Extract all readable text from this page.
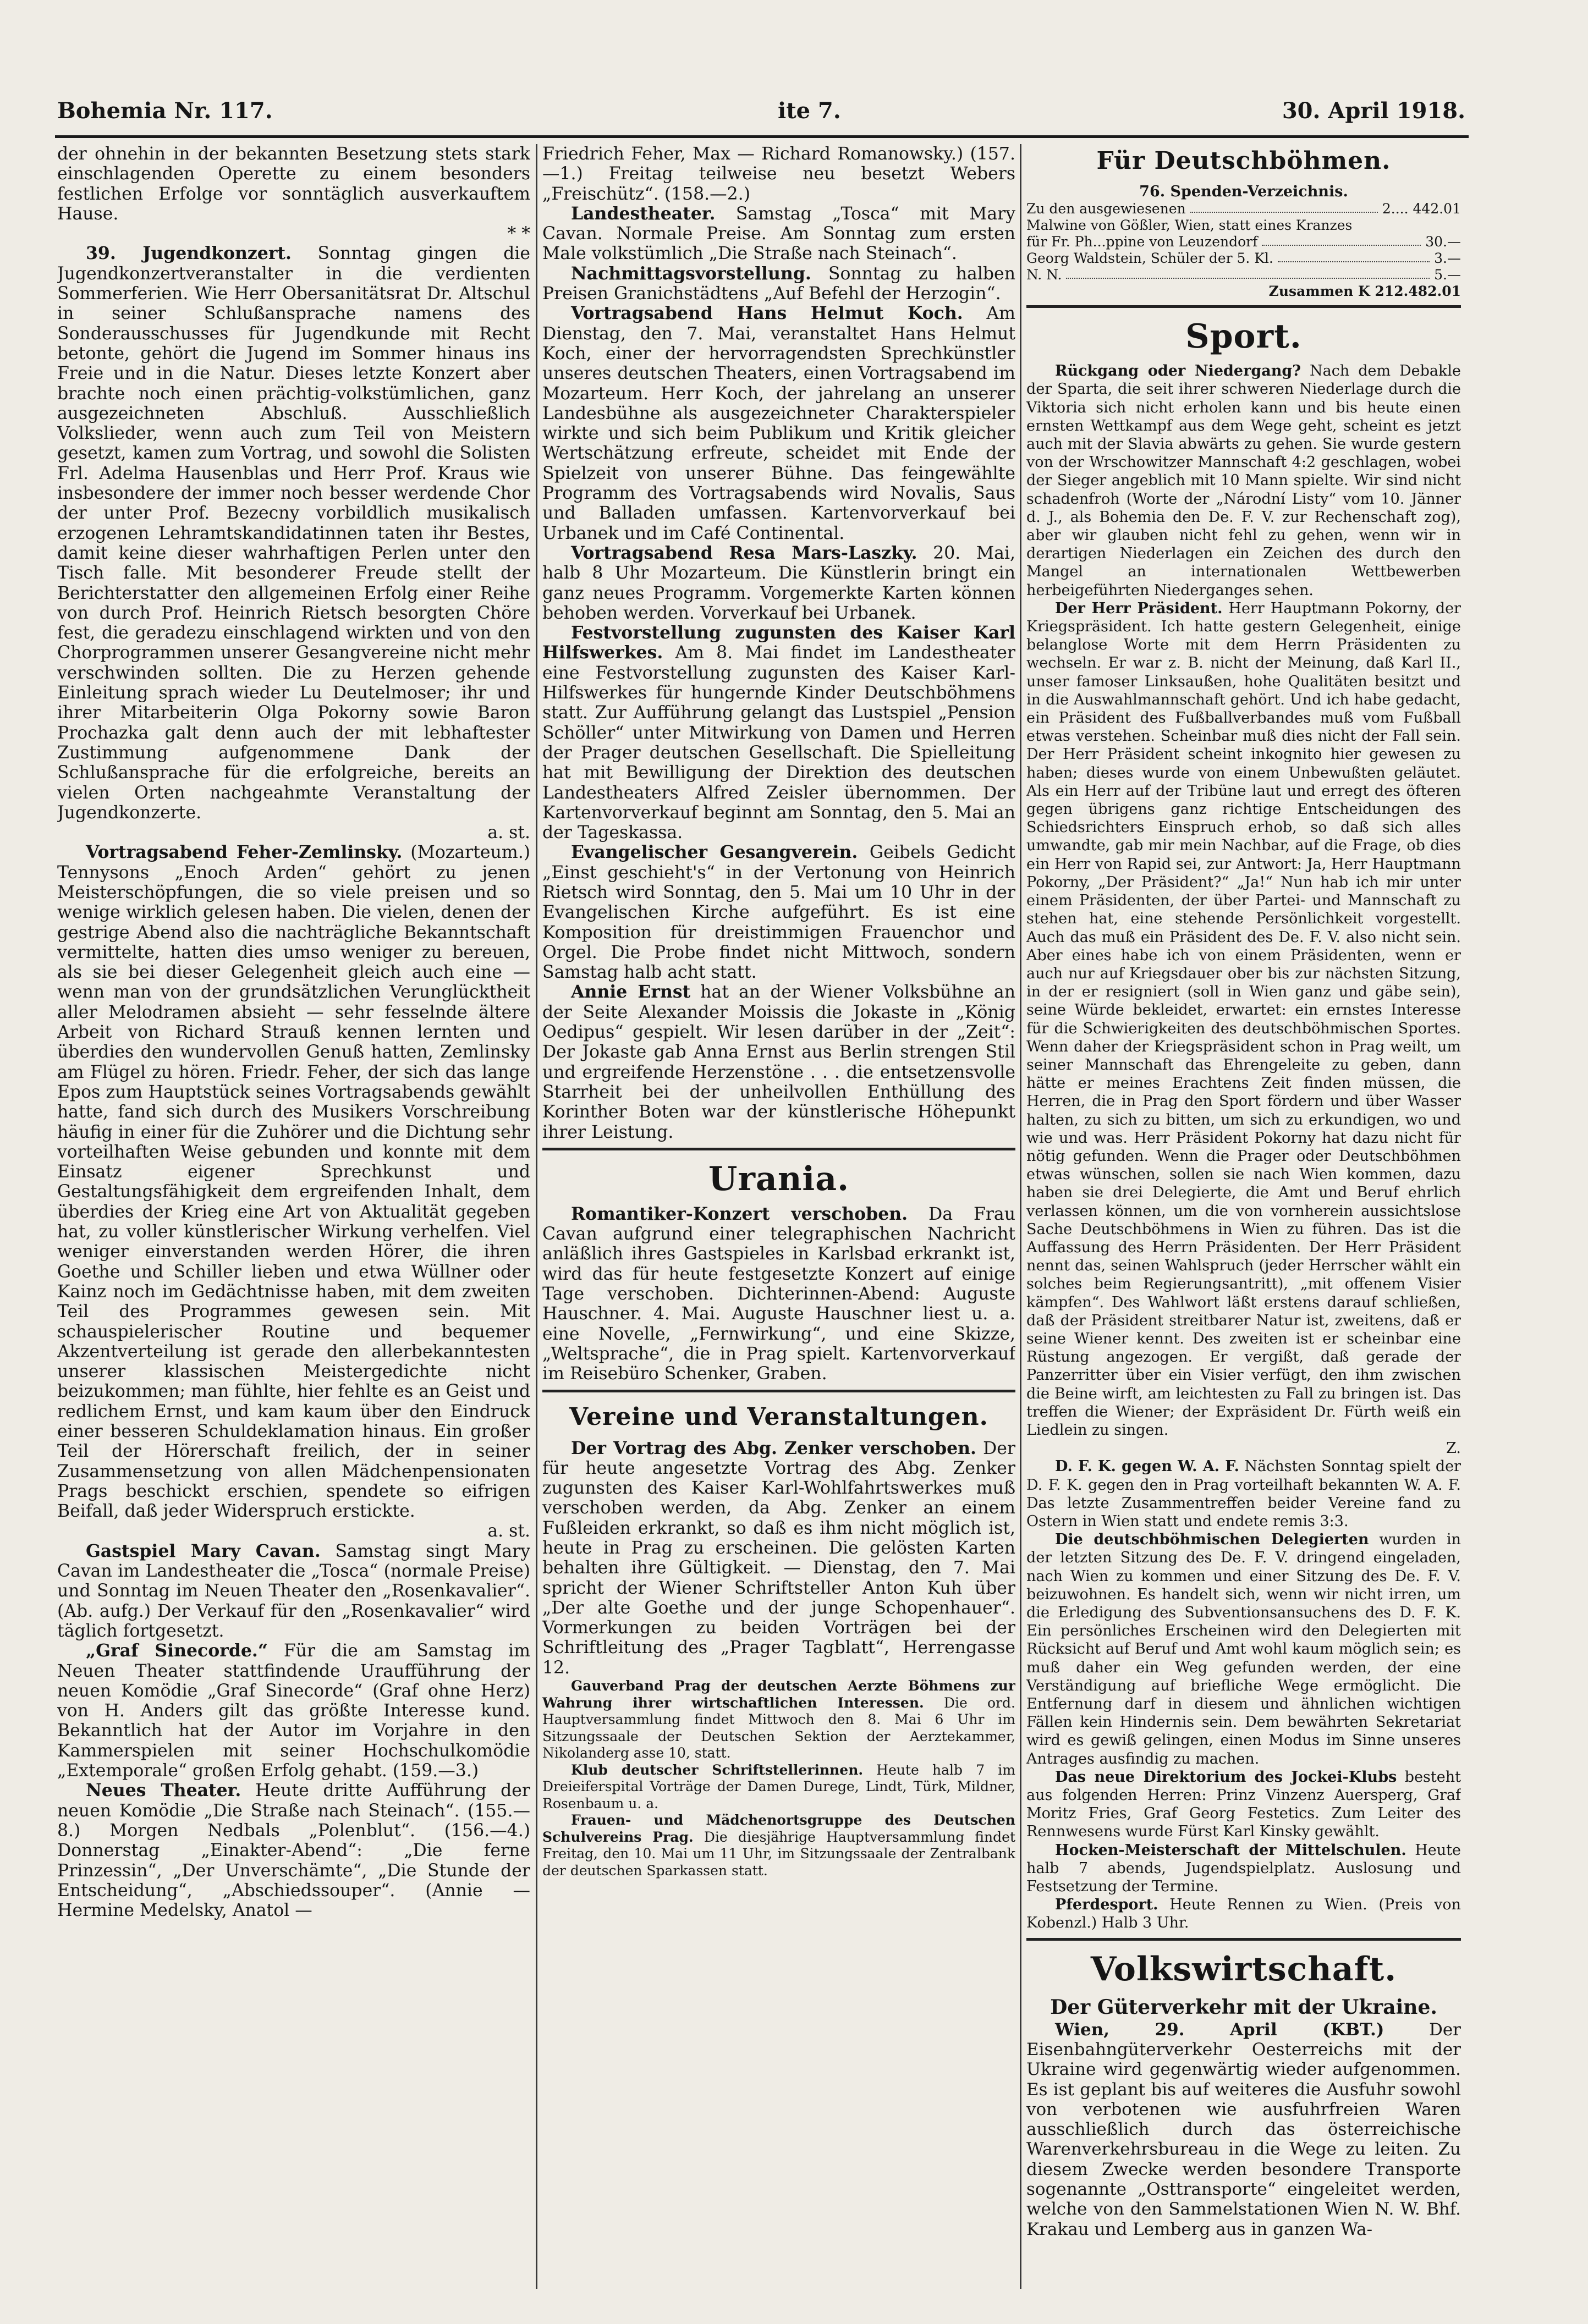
Bohemia Nr. 117.	ite 7.	30. April 1918.

der ohnehin in der bekannten Besetzung stets stark einschlagenden Operette zu einem besonders festlichen Erfolge vor sonntäglich ausverkauftem Hause.

* *

39. Jugendkonzert. Sonntag gingen die Jugendkonzertveranstalter in die verdienten Sommerferien. Wie Herr Obersanitätsrat Dr. Altschul in seiner Schlußansprache namens des Sonderausschusses für Jugendkunde mit Recht betonte, gehört die Jugend im Sommer hinaus ins Freie und in die Natur. Dieses letzte Konzert aber brachte noch einen prächtig-volkstümlichen, ganz ausgezeichneten Abschluß. Ausschließlich Volkslieder, wenn auch zum Teil von Meistern gesetzt, kamen zum Vortrag, und sowohl die Solisten Frl. Adelma Hausenblas und Herr Prof. Kraus wie insbesondere der immer noch besser werdende Chor der unter Prof. Bezecny vorbildlich musikalisch erzogenen Lehramtskandidatinnen taten ihr Bestes, damit keine dieser wahrhaftigen Perlen unter den Tisch falle. Mit besonderer Freude stellt der Berichterstatter den allgemeinen Erfolg einer Reihe von durch Prof. Heinrich Rietsch besorgten Chöre fest, die geradezu einschlagend wirkten und von den Chorprogrammen unserer Gesangvereine nicht mehr verschwinden sollten. Die zu Herzen gehende Einleitung sprach wieder Lu Deutelmoser; ihr und ihrer Mitarbeiterin Olga Pokorny sowie Baron Prochazka galt denn auch der mit lebhaftester Zustimmung aufgenommene Dank der Schlußansprache für die erfolgreiche, bereits an vielen Orten nachgeahmte Veranstaltung der Jugendkonzerte.

a. st.

Vortragsabend Feher-Zemlinsky. (Mozarteum.) Tennysons „Enoch Arden“ gehört zu jenen Meisterschöpfungen, die so viele preisen und so wenige wirklich gelesen haben. Die vielen, denen der gestrige Abend also die nachträgliche Bekanntschaft vermittelte, hatten dies umso weniger zu bereuen, als sie bei dieser Gelegenheit gleich auch eine — wenn man von der grundsätzlichen Verunglücktheit aller Melodramen absieht — sehr fesselnde ältere Arbeit von Richard Strauß kennen lernten und überdies den wundervollen Genuß hatten, Zemlinsky am Flügel zu hören. Friedr. Feher, der sich das lange Epos zum Hauptstück seines Vortragsabends gewählt hatte, fand sich durch des Musikers Vorschreibung häufig in einer für die Zuhörer und die Dichtung sehr vorteilhaften Weise gebunden und konnte mit dem Einsatz eigener Sprechkunst und Gestaltungsfähigkeit dem ergreifenden Inhalt, dem überdies der Krieg eine Art von Aktualität gegeben hat, zu voller künstlerischer Wirkung verhelfen. Viel weniger einverstanden werden Hörer, die ihren Goethe und Schiller lieben und etwa Wüllner oder Kainz noch im Gedächtnisse haben, mit dem zweiten Teil des Programmes gewesen sein. Mit schauspielerischer Routine und bequemer Akzentverteilung ist gerade den allerbekanntesten unserer klassischen Meistergedichte nicht beizukommen; man fühlte, hier fehlte es an Geist und redlichem Ernst, und kam kaum über den Eindruck einer besseren Schuldeklamation hinaus. Ein großer Teil der Hörerschaft freilich, der in seiner Zusammensetzung von allen Mädchenpensionaten Prags beschickt erschien, spendete so eifrigen Beifall, daß jeder Widerspruch erstickte.

a. st.

Gastspiel Mary Cavan. Samstag singt Mary Cavan im Landestheater die „Tosca“ (normale Preise) und Sonntag im Neuen Theater den „Rosenkavalier“. (Ab. aufg.) Der Verkauf für den „Rosenkavalier“ wird täglich fortgesetzt.

„Graf Sinecorde.“ Für die am Samstag im Neuen Theater stattfindende Uraufführung der neuen Komödie „Graf Sinecorde“ (Graf ohne Herz) von H. Anders gilt das größte Interesse kund. Bekanntlich hat der Autor im Vorjahre in den Kammerspielen mit seiner Hochschulkomödie „Extemporale“ großen Erfolg gehabt. (159.—3.)

Neues Theater. Heute dritte Aufführung der neuen Komödie „Die Straße nach Steinach“. (155.—8.) Morgen Nedbals „Polenblut“. (156.—4.) Donnerstag „Einakter-Abend“: „Die ferne Prinzessin“, „Der Unverschämte“, „Die Stunde der Entscheidung“, „Abschiedssouper“. (Annie — Hermine Medelsky, Anatol —

Friedrich Feher, Max — Richard Romanowsky.) (157.—1.) Freitag teilweise neu besetzt Webers „Freischütz“. (158.—2.)

Landestheater. Samstag „Tosca“ mit Mary Cavan. Normale Preise. Am Sonntag zum ersten Male volkstümlich „Die Straße nach Steinach“.

Nachmittagsvorstellung. Sonntag zu halben Preisen Granichstädtens „Auf Befehl der Herzogin“.

Vortragsabend Hans Helmut Koch. Am Dienstag, den 7. Mai, veranstaltet Hans Helmut Koch, einer der hervorragendsten Sprechkünstler unseres deutschen Theaters, einen Vortragsabend im Mozarteum. Herr Koch, der jahrelang an unserer Landesbühne als ausgezeichneter Charakterspieler wirkte und sich beim Publikum und Kritik gleicher Wertschätzung erfreute, scheidet mit Ende der Spielzeit von unserer Bühne. Das feingewählte Programm des Vortragsabends wird Novalis, Saus und Balladen umfassen. Kartenvorverkauf bei Urbanek und im Café Continental.

Vortragsabend Resa Mars-Laszky. 20. Mai, halb 8 Uhr Mozarteum. Die Künstlerin bringt ein ganz neues Programm. Vorgemerkte Karten können behoben werden. Vorverkauf bei Urbanek.

Festvorstellung zugunsten des Kaiser Karl Hilfswerkes. Am 8. Mai findet im Landestheater eine Festvorstellung zugunsten des Kaiser Karl-Hilfswerkes für hungernde Kinder Deutschböhmens statt. Zur Aufführung gelangt das Lustspiel „Pension Schöller“ unter Mitwirkung von Damen und Herren der Prager deutschen Gesellschaft. Die Spielleitung hat mit Bewilligung der Direktion des deutschen Landestheaters Alfred Zeisler übernommen. Der Kartenvorverkauf beginnt am Sonntag, den 5. Mai an der Tageskassa.

Evangelischer Gesangverein. Geibels Gedicht „Einst geschieht's“ in der Vertonung von Heinrich Rietsch wird Sonntag, den 5. Mai um 10 Uhr in der Evangelischen Kirche aufgeführt. Es ist eine Komposition für dreistimmigen Frauenchor und Orgel. Die Probe findet nicht Mittwoch, sondern Samstag halb acht statt.

Annie Ernst hat an der Wiener Volksbühne an der Seite Alexander Moissis die Jokaste in „König Oedipus“ gespielt. Wir lesen darüber in der „Zeit“: Der Jokaste gab Anna Ernst aus Berlin strengen Stil und ergreifende Herzenstöne . . . die entsetzensvolle Starrheit bei der unheilvollen Enthüllung des Korinther Boten war der künstlerische Höhepunkt ihrer Leistung.

Urania.

Romantiker-Konzert verschoben. Da Frau Cavan aufgrund einer telegraphischen Nachricht anläßlich ihres Gastspieles in Karlsbad erkrankt ist, wird das für heute festgesetzte Konzert auf einige Tage verschoben. Dichterinnen-Abend: Auguste Hauschner. 4. Mai. Auguste Hauschner liest u. a. eine Novelle, „Fernwirkung“, und eine Skizze, „Weltsprache“, die in Prag spielt. Kartenvorverkauf im Reisebüro Schenker, Graben.

Vereine und Veranstaltungen.

Der Vortrag des Abg. Zenker verschoben. Der für heute angesetzte Vortrag des Abg. Zenker zugunsten des Kaiser Karl-Wohlfahrtswerkes muß verschoben werden, da Abg. Zenker an einem Fußleiden erkrankt, so daß es ihm nicht möglich ist, heute in Prag zu erscheinen. Die gelösten Karten behalten ihre Gültigkeit. — Dienstag, den 7. Mai spricht der Wiener Schriftsteller Anton Kuh über „Der alte Goethe und der junge Schopenhauer“. Vormerkungen zu beiden Vorträgen bei der Schriftleitung des „Prager Tagblatt“, Herrengasse 12.

Gauverband Prag der deutschen Aerzte Böhmens zur Wahrung ihrer wirtschaftlichen Interessen. Die ord. Hauptversammlung findet Mittwoch den 8. Mai 6 Uhr im Sitzungssaale der Deutschen Sektion der Aerztekammer, Nikolanderg asse 10, statt.

Klub deutscher Schriftstellerinnen. Heute halb 7 im Dreieiferspital Vorträge der Damen Durege, Lindt, Türk, Mildner, Rosenbaum u. a.

Frauen- und Mädchenortsgruppe des Deutschen Schulvereins Prag. Die diesjährige Hauptversammlung findet Freitag, den 10. Mai um 11 Uhr, im Sitzungssaale der Zentralbank der deutschen Sparkassen statt.

Für Deutschböhmen.
76. Spenden-Verzeichnis.
Zu den ausgewiesenen	2.... 442.01
Malwine von Gößler, Wien, statt eines Kranzes
für Fr. Ph...ppine von Leuzendorf	30.—
Georg Waldstein, Schüler der 5. Kl.	3.—
N. N.	5.—
Zusammen K 212.482.01
Sport.

Rückgang oder Niedergang? Nach dem Debakle der Sparta, die seit ihrer schweren Niederlage durch die Viktoria sich nicht erholen kann und bis heute einen ernsten Wettkampf aus dem Wege geht, scheint es jetzt auch mit der Slavia abwärts zu gehen. Sie wurde gestern von der Wrschowitzer Mannschaft 4:2 geschlagen, wobei der Sieger angeblich mit 10 Mann spielte. Wir sind nicht schadenfroh (Worte der „Národní Listy“ vom 10. Jänner d. J., als Bohemia den De. F. V. zur Rechenschaft zog), aber wir glauben nicht fehl zu gehen, wenn wir in derartigen Niederlagen ein Zeichen des durch den Mangel an internationalen Wettbewerben herbeigeführten Niederganges sehen.

Der Herr Präsident. Herr Hauptmann Pokorny, der Kriegspräsident. Ich hatte gestern Gelegenheit, einige belanglose Worte mit dem Herrn Präsidenten zu wechseln. Er war z. B. nicht der Meinung, daß Karl II., unser famoser Linksaußen, hohe Qualitäten besitzt und in die Auswahlmannschaft gehört. Und ich habe gedacht, ein Präsident des Fußballverbandes muß vom Fußball etwas verstehen. Scheinbar muß dies nicht der Fall sein. Der Herr Präsident scheint inkognito hier gewesen zu haben; dieses wurde von einem Unbewußten geläutet. Als ein Herr auf der Tribüne laut und erregt des öfteren gegen übrigens ganz richtige Entscheidungen des Schiedsrichters Einspruch erhob, so daß sich alles umwandte, gab mir mein Nachbar, auf die Frage, ob dies ein Herr von Rapid sei, zur Antwort: Ja, Herr Hauptmann Pokorny, „Der Präsident?“ „Ja!“ Nun hab ich mir unter einem Präsidenten, der über Partei- und Mannschaft zu stehen hat, eine stehende Persönlichkeit vorgestellt. Auch das muß ein Präsident des De. F. V. also nicht sein. Aber eines habe ich von einem Präsidenten, wenn er auch nur auf Kriegsdauer ober bis zur nächsten Sitzung, in der er resigniert (soll in Wien ganz und gäbe sein), seine Würde bekleidet, erwartet: ein ernstes Interesse für die Schwierigkeiten des deutschböhmischen Sportes. Wenn daher der Kriegspräsident schon in Prag weilt, um seiner Mannschaft das Ehrengeleite zu geben, dann hätte er meines Erachtens Zeit finden müssen, die Herren, die in Prag den Sport fördern und über Wasser halten, zu sich zu bitten, um sich zu erkundigen, wo und wie und was. Herr Präsident Pokorny hat dazu nicht für nötig gefunden. Wenn die Prager oder Deutschböhmen etwas wünschen, sollen sie nach Wien kommen, dazu haben sie drei Delegierte, die Amt und Beruf ehrlich verlassen können, um die von vornherein aussichtslose Sache Deutschböhmens in Wien zu führen. Das ist die Auffassung des Herrn Präsidenten. Der Herr Präsident nennt das, seinen Wahlspruch (jeder Herrscher wählt ein solches beim Regierungsantritt), „mit offenem Visier kämpfen“. Des Wahlwort läßt erstens darauf schließen, daß der Präsident streitbarer Natur ist, zweitens, daß er seine Wiener kennt. Des zweiten ist er scheinbar eine Rüstung angezogen. Er vergißt, daß gerade der Panzerritter über ein Visier verfügt, den ihm zwischen die Beine wirft, am leichtesten zu Fall zu bringen ist. Das treffen die Wiener; der Expräsident Dr. Fürth weiß ein Liedlein zu singen.

Z.

D. F. K. gegen W. A. F. Nächsten Sonntag spielt der D. F. K. gegen den in Prag vorteilhaft bekannten W. A. F. Das letzte Zusammentreffen beider Vereine fand zu Ostern in Wien statt und endete remis 3:3.

Die deutschböhmischen Delegierten wurden in der letzten Sitzung des De. F. V. dringend eingeladen, nach Wien zu kommen und einer Sitzung des De. F. V. beizuwohnen. Es handelt sich, wenn wir nicht irren, um die Erledigung des Subventionsansuchens des D. F. K. Ein persönliches Erscheinen wird den Delegierten mit Rücksicht auf Beruf und Amt wohl kaum möglich sein; es muß daher ein Weg gefunden werden, der eine Verständigung auf briefliche Wege ermöglicht. Die Entfernung darf in diesem und ähnlichen wichtigen Fällen kein Hindernis sein. Dem bewährten Sekretariat wird es gewiß gelingen, einen Modus im Sinne unseres Antrages ausfindig zu machen.

Das neue Direktorium des Jockei-Klubs besteht aus folgenden Herren: Prinz Vinzenz Auersperg, Graf Moritz Fries, Graf Georg Festetics. Zum Leiter des Rennwesens wurde Fürst Karl Kinsky gewählt.

Hocken-Meisterschaft der Mittelschulen. Heute halb 7 abends, Jugendspielplatz. Auslosung und Festsetzung der Termine.

Pferdesport. Heute Rennen zu Wien. (Preis von Kobenzl.) Halb 3 Uhr.

Volkswirtschaft.
Der Güterverkehr mit der Ukraine.

Wien, 29. April (KBT.) Der Eisenbahngüterverkehr Oesterreichs mit der Ukraine wird gegenwärtig wieder aufgenommen. Es ist geplant bis auf weiteres die Ausfuhr sowohl von verbotenen wie ausfuhrfreien Waren ausschließlich durch das österreichische Warenverkehrsbureau in die Wege zu leiten. Zu diesem Zwecke werden besondere Transporte sogenannte „Osttransporte“ eingeleitet werden, welche von den Sammelstationen Wien N. W. Bhf. Krakau und Lemberg aus in ganzen Wa-
